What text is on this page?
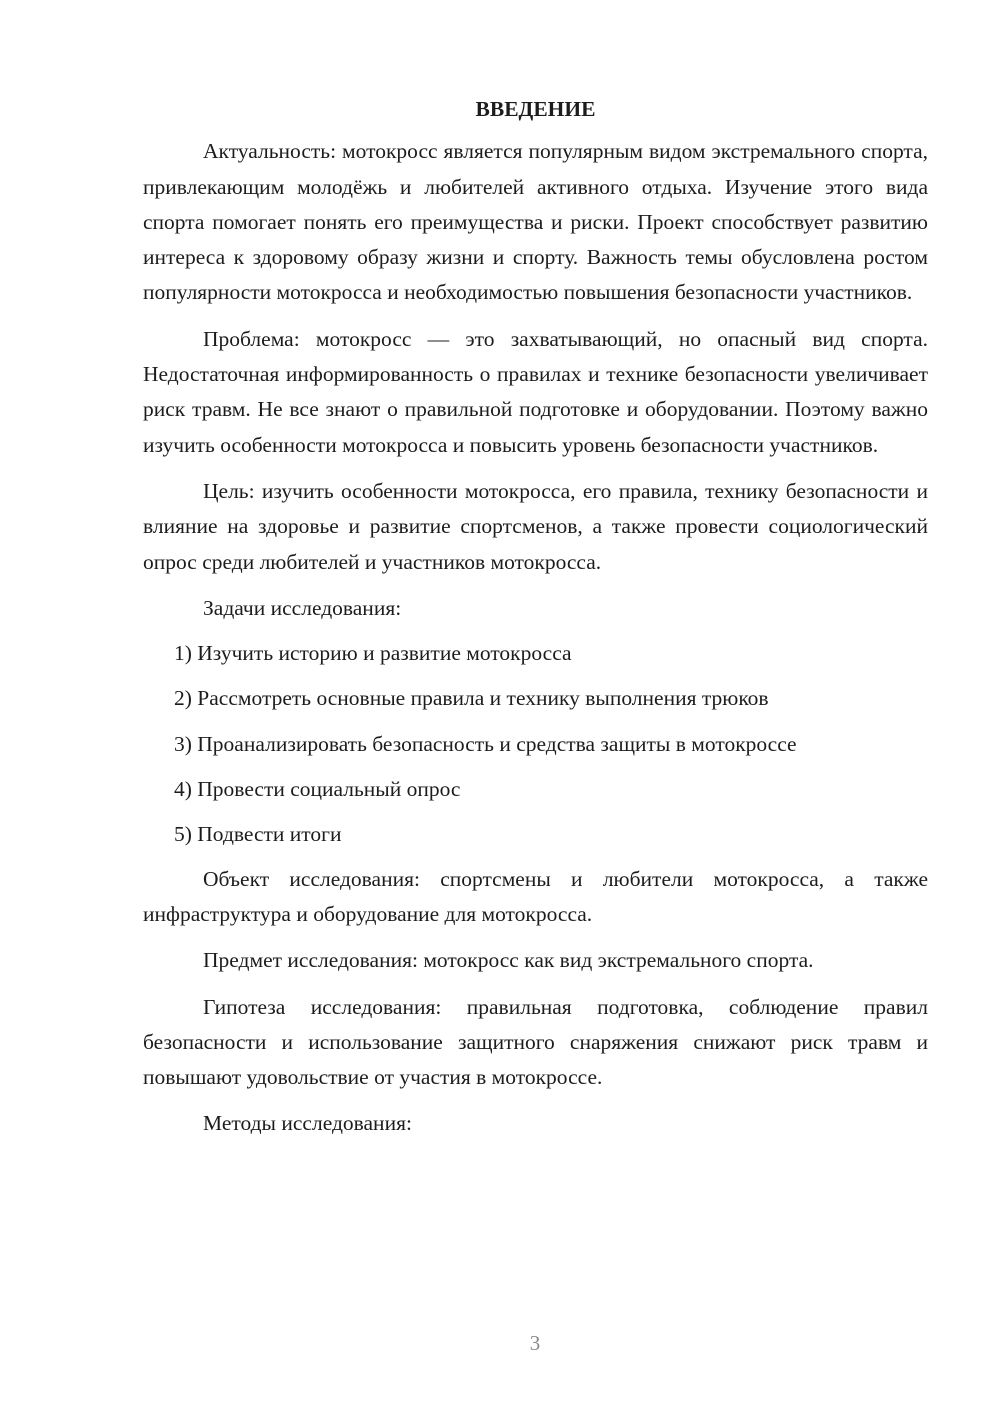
ВВЕДЕНИЕ

Актуальность: мотокросс является популярным видом экстремального спорта, привлекающим молодёжь и любителей активного отдыха. Изучение этого вида спорта помогает понять его преимущества и риски. Проект способствует развитию интереса к здоровому образу жизни и спорту. Важность темы обусловлена ростом популярности мотокросса и необходимостью повышения безопасности участников.

Проблема: мотокросс — это захватывающий, но опасный вид спорта. Недостаточная информированность о правилах и технике безопасности увеличивает риск травм. Не все знают о правильной подготовке и оборудовании. Поэтому важно изучить особенности мотокросса и повысить уровень безопасности участников.

Цель: изучить особенности мотокросса, его правила, технику безопасности и влияние на здоровье и развитие спортсменов, а также провести социологический опрос среди любителей и участников мотокросса.

Задачи исследования:

1) Изучить историю и развитие мотокросса
2) Рассмотреть основные правила и технику выполнения трюков
3) Проанализировать безопасность и средства защиты в мотокроссе
4) Провести социальный опрос
5) Подвести итоги

Объект исследования: спортсмены и любители мотокросса, а также инфраструктура и оборудование для мотокросса.

Предмет исследования: мотокросс как вид экстремального спорта.

Гипотеза исследования: правильная подготовка, соблюдение правил безопасности и использование защитного снаряжения снижают риск травм и повышают удовольствие от участия в мотокроссе.

Методы исследования:

3
